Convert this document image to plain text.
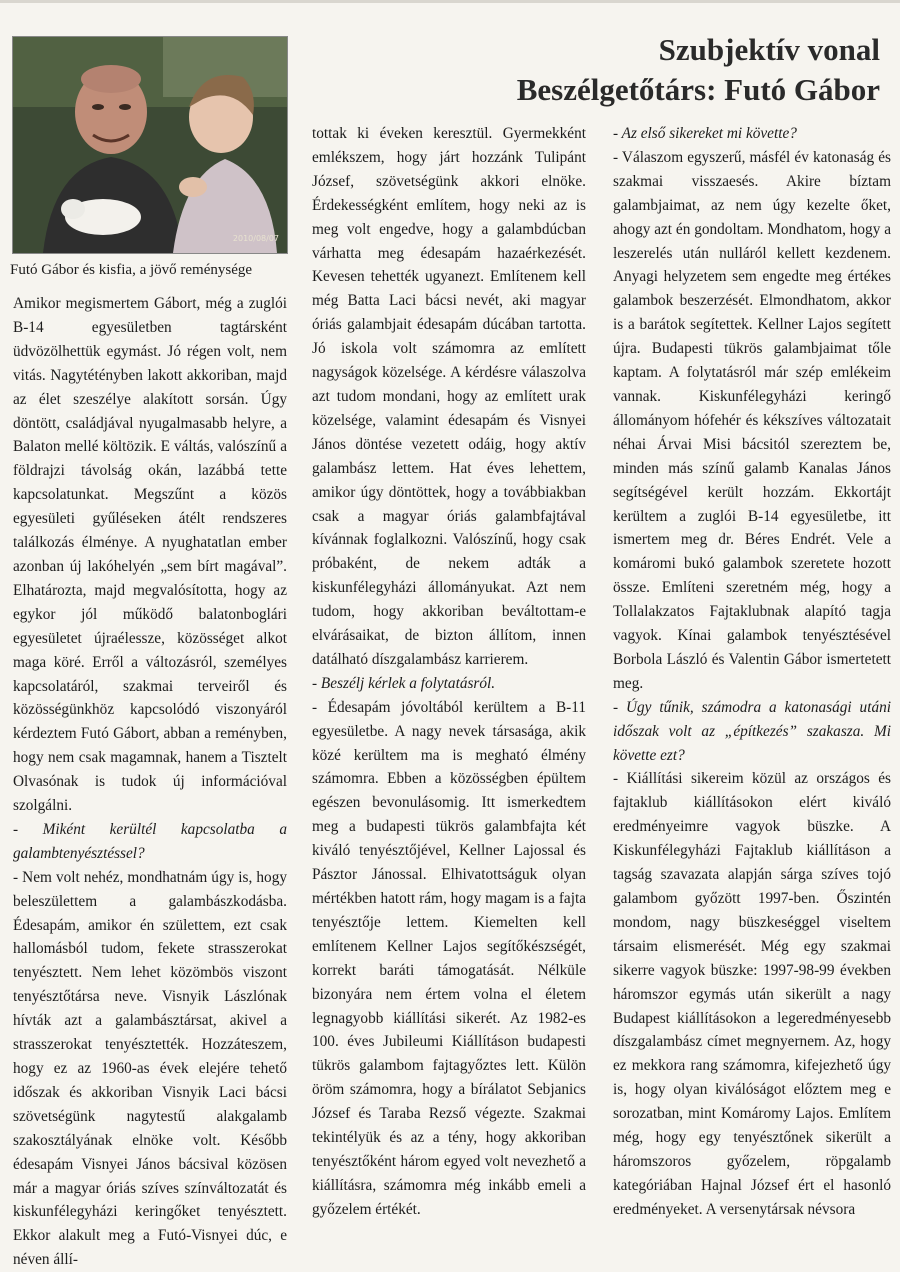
2010/08/07
Futó Gábor és kisfia, a jövő reménysége
Szubjektív vonal
Beszélgetőtárs: Futó Gábor

Amikor megismertem Gábort, még a zuglói B-14 egyesületben tagtársként üdvözölhettük egymást. Jó régen volt, nem vitás. Nagytétényben lakott akkoriban, majd az élet szeszélye alakított sorsán. Úgy döntött, családjával nyugalmasabb helyre, a Balaton mellé költözik. E váltás, valószínű a földrajzi távolság okán, lazábbá tette kapcsolatunkat. Megszűnt a közös egyesületi gyűléseken átélt rendszeres találkozás élménye. A nyughatatlan ember azonban új lakóhelyén „sem bírt magával”. Elhatározta, majd megvalósította, hogy az egykor jól működő balatonboglári egyesületet újraélessze, közösséget alkot maga köré. Erről a változásról, személyes kapcsolatáról, szakmai terveiről és közösségünkhöz kapcsolódó viszonyáról kérdeztem Futó Gábort, abban a reményben, hogy nem csak magamnak, hanem a Tisztelt Olvasónak is tudok új információval szolgálni.

- Miként kerültél kapcsolatba a galambtenyésztéssel?

- Nem volt nehéz, mondhatnám úgy is, hogy beleszülettem a galambászkodásba. Édesapám, amikor én születtem, ezt csak hallomásból tudom, fekete strasszerokat tenyésztett. Nem lehet közömbös viszont tenyésztőtársa neve. Visnyik Lászlónak hívták azt a galambásztársat, akivel a strasszerokat tenyésztették. Hozzáteszem, hogy ez az 1960-as évek elejére tehető időszak és akkoriban Visnyik Laci bácsi szövetségünk nagytestű alakgalamb szakosztályának elnöke volt. Később édesapám Visnyei János bácsival közösen már a magyar óriás szíves színváltozatát és kiskunfélegyházi keringőket tenyésztett. Ekkor alakult meg a Futó-Visnyei dúc, e néven állí-

tottak ki éveken keresztül. Gyermekként emlékszem, hogy járt hozzánk Tulipánt József, szövetségünk akkori elnöke. Érdekességként említem, hogy neki az is meg volt engedve, hogy a galambdúcban várhatta meg édesapám hazaérkezését. Kevesen tehették ugyanezt. Említenem kell még Batta Laci bácsi nevét, aki magyar óriás galambjait édesapám dúcában tartotta. Jó iskola volt számomra az említett nagyságok közelsége. A kérdésre válaszolva azt tudom mondani, hogy az említett urak közelsége, valamint édesapám és Visnyei János döntése vezetett odáig, hogy aktív galambász lettem. Hat éves lehettem, amikor úgy döntöttek, hogy a továbbiakban csak a magyar óriás galambfajtával kívánnak foglalkozni. Valószínű, hogy csak próbaként, de nekem adták a kiskunfélegyházi állományukat. Azt nem tudom, hogy akkoriban beváltottam-e elvárásaikat, de bizton állítom, innen datálható díszgalambász karrierem.

- Beszélj kérlek a folytatásról.

- Édesapám jóvoltából kerültem a B-11 egyesületbe. A nagy nevek társasága, akik közé kerültem ma is megható élmény számomra. Ebben a közösségben épültem egészen bevonulásomig. Itt ismerkedtem meg a budapesti tükrös galambfajta két kiváló tenyésztőjével, Kellner Lajossal és Pásztor Jánossal. Elhivatottságuk olyan mértékben hatott rám, hogy magam is a fajta tenyésztője lettem. Kiemelten kell említenem Kellner Lajos segítőkészségét, korrekt baráti támogatását. Nélküle bizonyára nem értem volna el életem legnagyobb kiállítási sikerét. Az 1982-es 100. éves Jubileumi Kiállításon budapesti tükrös galambom fajtagyőztes lett. Külön öröm számomra, hogy a bírálatot Sebjanics József és Taraba Rezső végezte. Szakmai tekintélyük és az a tény, hogy akkoriban tenyésztőként három egyed volt nevezhető a kiállításra, számomra még inkább emeli a győzelem értékét.

- Az első sikereket mi követte?

- Válaszom egyszerű, másfél év katonaság és szakmai visszaesés. Akire bíztam galambjaimat, az nem úgy kezelte őket, ahogy azt én gondoltam. Mondhatom, hogy a leszerelés után nulláról kellett kezdenem. Anyagi helyzetem sem engedte meg értékes galambok beszerzését. Elmondhatom, akkor is a barátok segítettek. Kellner Lajos segített újra. Budapesti tükrös galambjaimat tőle kaptam. A folytatásról már szép emlékeim vannak. Kiskunfélegyházi keringő állományom hófehér és kékszíves változatait néhai Árvai Misi bácsitól szereztem be, minden más színű galamb Kanalas János segítségével került hozzám. Ekkortájt kerültem a zuglói B-14 egyesületbe, itt ismertem meg dr. Béres Endrét. Vele a komáromi bukó galambok szeretete hozott össze. Említeni szeretném még, hogy a Tollalakzatos Fajtaklubnak alapító tagja vagyok. Kínai galambok tenyésztésével Borbola László és Valentin Gábor ismertetett meg.

- Úgy tűnik, számodra a katonasági utáni időszak volt az „építkezés” szakasza. Mi követte ezt?

- Kiállítási sikereim közül az országos és fajtaklub kiállításokon elért kiváló eredményeimre vagyok büszke. A Kiskunfélegyházi Fajtaklub kiállításon a tagság szavazata alapján sárga szíves tojó galambom győzött 1997-ben. Őszintén mondom, nagy büszkeséggel viseltem társaim elismerését. Még egy szakmai sikerre vagyok büszke: 1997-98-99 években háromszor egymás után sikerült a nagy Budapest kiállításokon a legeredményesebb díszgalambász címet megnyernem. Az, hogy ez mekkora rang számomra, kifejezhető úgy is, hogy olyan kiválóságot előztem meg e sorozatban, mint Komáromy Lajos. Említem még, hogy egy tenyésztőnek sikerült a háromszoros győzelem, röpgalamb kategóriában Hajnal József ért el hasonló eredményeket. A versenytársak névsora
